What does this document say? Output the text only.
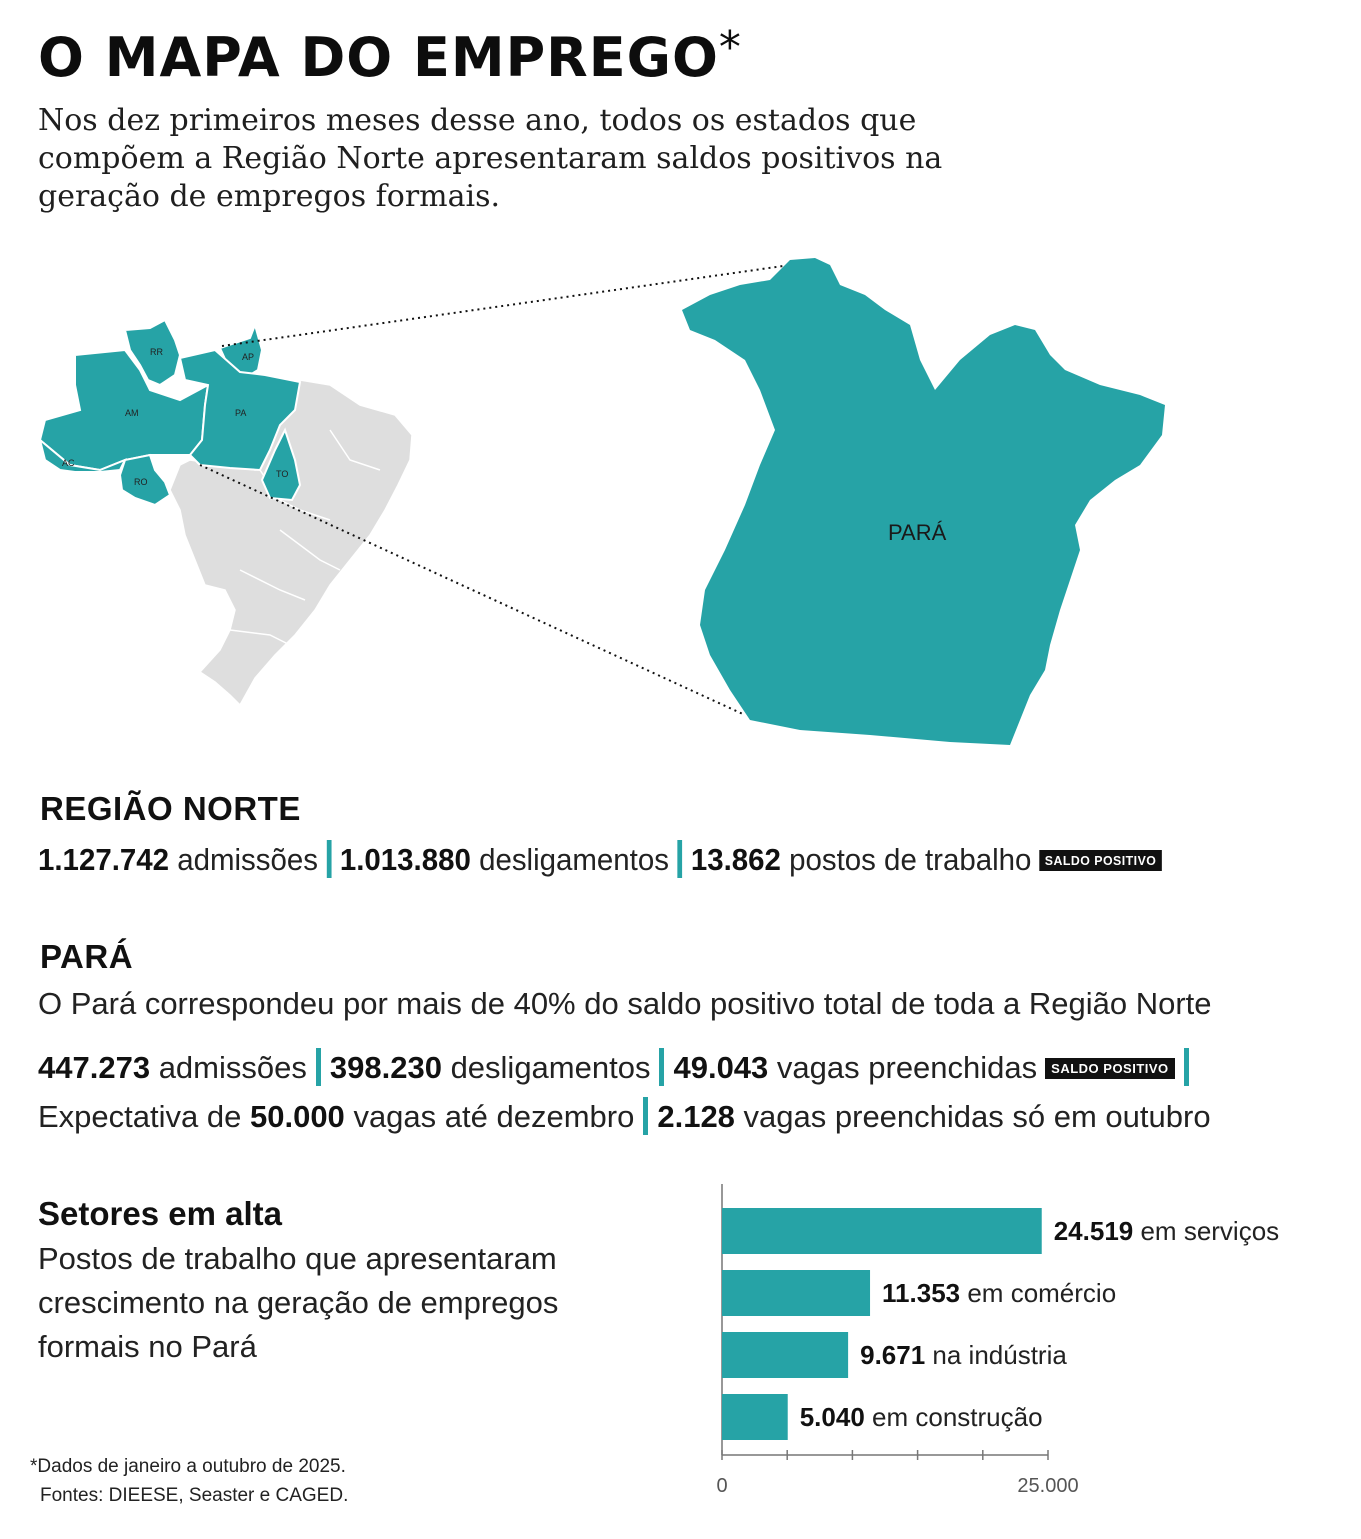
O MAPA DO EMPREGO*
Nos dez primeiros meses desse ano, todos os estados que compõem a Região Norte apresentaram saldos positivos na geração de empregos formais.
RR	AP
AM	PA
AC
RO
TO
PARÁ
REGIÃO NORTE
1.127.742 admissões 1.013.880 desligamentos 13.862 postos de trabalho SALDO POSITIVO
PARÁ
O Pará correspondeu por mais de 40% do saldo positivo total de toda a Região Norte
447.273 admissões 398.230 desligamentos 49.043 vagas preenchidas SALDO POSITIVO
Expectativa de 50.000 vagas até dezembro 2.128 vagas preenchidas só em outubro
Setores em alta
Postos de trabalho que apresentaram crescimento na geração de empregos formais no Pará
0	25.000
24.519 em serviços
11.353 em comércio
9.671 na indústria
5.040 em construção
*Dados de janeiro a outubro de 2025.
Fontes: DIEESE, Seaster e CAGED.
